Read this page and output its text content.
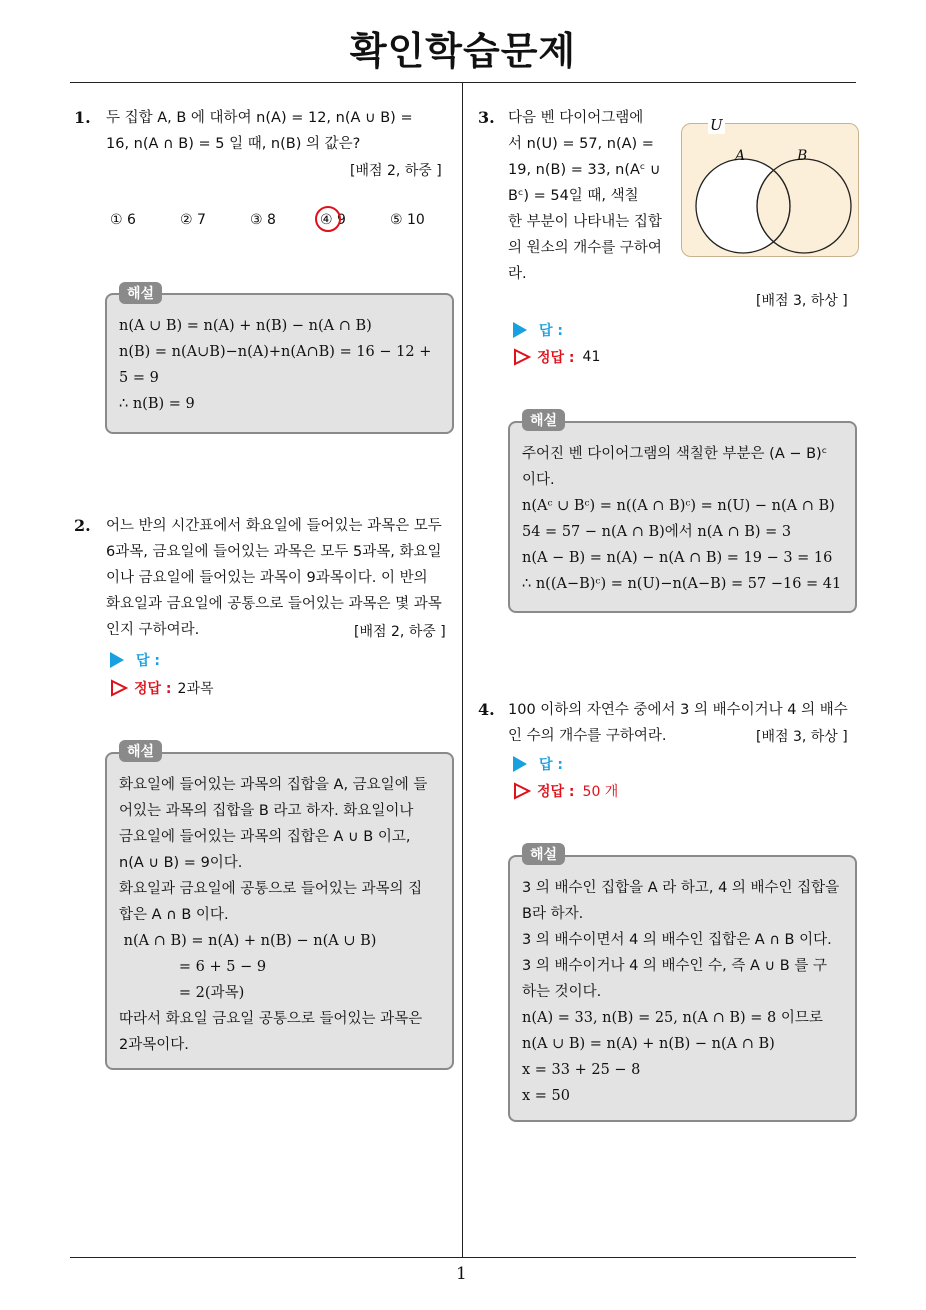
확인학습문제
1. 두 집합 A, B 에 대하여 n(A) = 12, n(A ∪ B) =
16, n(A ∩ B) = 5 일 때, n(B) 의 값은?
[배점 2, 하중 ]
① 6	② 7	③ 8	④ 9	⑤ 10
n(A ∪ B) = n(A) + n(B) − n(A ∩ B)
n(B) = n(A∪B)−n(A)+n(A∩B) = 16 − 12 +
5 = 9
∴ n(B) = 9
해설
2. 어느 반의 시간표에서 화요일에 들어있는 과목은 모두
6과목, 금요일에 들어있는 과목은 모두 5과목, 화요일
이나 금요일에 들어있는 과목이 9과목이다. 이 반의
화요일과 금요일에 공통으로 들어있는 과목은 몇 과목
인지 구하여라.	[배점 2, 하중 ]
답 :
정답 : 2과목
화요일에 들어있는 과목의 집합을 A, 금요일에 들
어있는 과목의 집합을 B 라고 하자. 화요일이나
금요일에 들어있는 과목의 집합은 A ∪ B 이고,
n(A ∪ B) = 9이다.
화요일과 금요일에 공통으로 들어있는 과목의 집
합은 A ∩ B 이다.
n(A ∩ B) = n(A) + n(B) − n(A ∪ B)
= 6 + 5 − 9
= 2(과목)
따라서 화요일 금요일 공통으로 들어있는 과목은
2과목이다.
해설
3. 다음 벤 다이어그램에
서 n(U) = 57, n(A) =
19, n(B) = 33, n(Aᶜ ∪
Bᶜ) = 54일 때, 색칠
한 부분이 나타내는 집합
의 원소의 개수를 구하여
라.
U
A	B
[배점 3, 하상 ]
답 :
정답 : 41
주어진 벤 다이어그램의 색칠한 부분은 (A − B)ᶜ
이다.
n(Aᶜ ∪ Bᶜ) = n((A ∩ B)ᶜ) = n(U) − n(A ∩ B)
54 = 57 − n(A ∩ B)에서 n(A ∩ B) = 3
n(A − B) = n(A) − n(A ∩ B) = 19 − 3 = 16
∴ n((A−B)ᶜ) = n(U)−n(A−B) = 57 −16 = 41
해설
4. 100 이하의 자연수 중에서 3 의 배수이거나 4 의 배수
인 수의 개수를 구하여라.	[배점 3, 하상 ]
답 :
정답 : 50 개
3 의 배수인 집합을 A 라 하고, 4 의 배수인 집합을
B라 하자.
3 의 배수이면서 4 의 배수인 집합은 A ∩ B 이다.
3 의 배수이거나 4 의 배수인 수, 즉 A ∪ B 를 구
하는 것이다.
n(A) = 33, n(B) = 25, n(A ∩ B) = 8 이므로
n(A ∪ B) = n(A) + n(B) − n(A ∩ B)
x = 33 + 25 − 8
x = 50
해설
1
